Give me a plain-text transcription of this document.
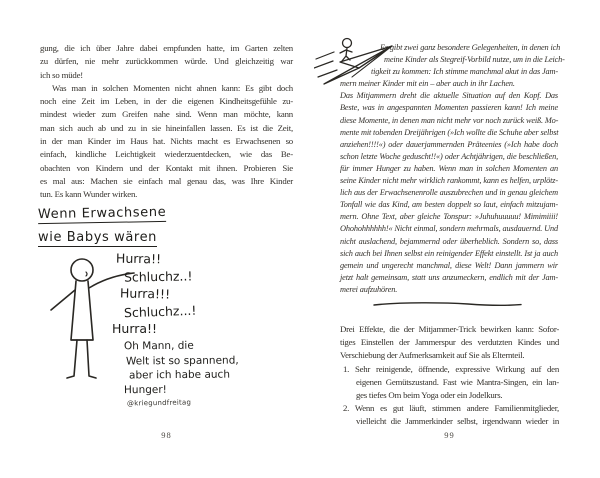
gung, die ich über Jahre dabei empfunden hatte, im Garten zelten
zu dürfen, nie mehr zurückkommen würde. Und gleichzeitig war
ich so müde!
Was man in solchen Momenten nicht ahnen kann: Es gibt doch
noch eine Zeit im Leben, in der die eigenen Kindheitsgefühle zu-
mindest wieder zum Greifen nahe sind. Wenn man möchte, kann
man sich auch ab und zu in sie hineinfallen lassen. Es ist die Zeit,
in der man Kinder im Haus hat. Nichts macht es Erwachsenen so
einfach, kindliche Leichtigkeit wiederzuentdecken, wie das Be-
obachten von Kindern und der Kontakt mit ihnen. Probieren Sie
es mal aus: Machen sie einfach mal genau das, was Ihre Kinder
tun. Es kann Wunder wirken.
Wenn Erwachsene
wie Babys wären
Hurra!!
Schluchz..!
Hurra!!!
Schluchz...!
Hurra!!
Oh Mann, die
Welt ist so spannend,
aber ich habe auch
Hunger!
@kriegundfreitag
98
Es gibt zwei ganz besondere Gelegenheiten, in denen ich
meine Kinder als Stegreif-Vorbild nutze, um in die Leich-
tigkeit zu kommen: Ich stimme manchmal akut in das Jam-
mern meiner Kinder mit ein – aber auch in ihr Lachen.
Das Mitjammern dreht die aktuelle Situation auf den Kopf. Das
Beste, was in angespannten Momenten passieren kann! Ich meine
diese Momente, in denen man nicht mehr vor noch zurück weiß. Mo-
mente mit tobenden Dreijährigen (»Ich wollte die Schuhe aber selbst
anziehen!!!!«) oder dauerjammernden Präteenies (»Ich habe doch
schon letzte Woche geduscht!!«) oder Achtjährigen, die beschließen,
für immer Hunger zu haben. Wenn man in solchen Momenten an
seine Kinder nicht mehr wirklich rankommt, kann es helfen, urplötz-
lich aus der Erwachsenenrolle auszubrechen und in genau gleichem
Tonfall wie das Kind, am besten doppelt so laut, einfach mitzujam-
mern. Ohne Text, aber gleiche Tonspur: »Juhuhuuuuu! Mimimiiii!
Ohohohhhhhh!« Nicht einmal, sondern mehrmals, ausdauernd. Und
nicht auslachend, bejammernd oder überheblich. Sondern so, dass
sich auch bei Ihnen selbst ein reinigender Effekt einstellt. Ist ja auch
gemein und ungerecht manchmal, diese Welt! Dann jammern wir
jetzt halt gemeinsam, statt uns anzumeckern, endlich mit der Jam-
merei aufzuhören.
Drei Effekte, die der Mitjammer-Trick bewirken kann: Sofor-
tiges Einstellen der Jammerspur des verdutzten Kindes und
Verschiebung der Aufmerksamkeit auf Sie als Elternteil.
1. Sehr reinigende, öffnende, expressive Wirkung auf den
eigenen Gemütszustand. Fast wie Mantra-Singen, ein lan-
ges tiefes Om beim Yoga oder ein Jodelkurs.
2. Wenn es gut läuft, stimmen andere Familienmitglieder,
vielleicht die Jammerkinder selbst, irgendwann wieder in
99
